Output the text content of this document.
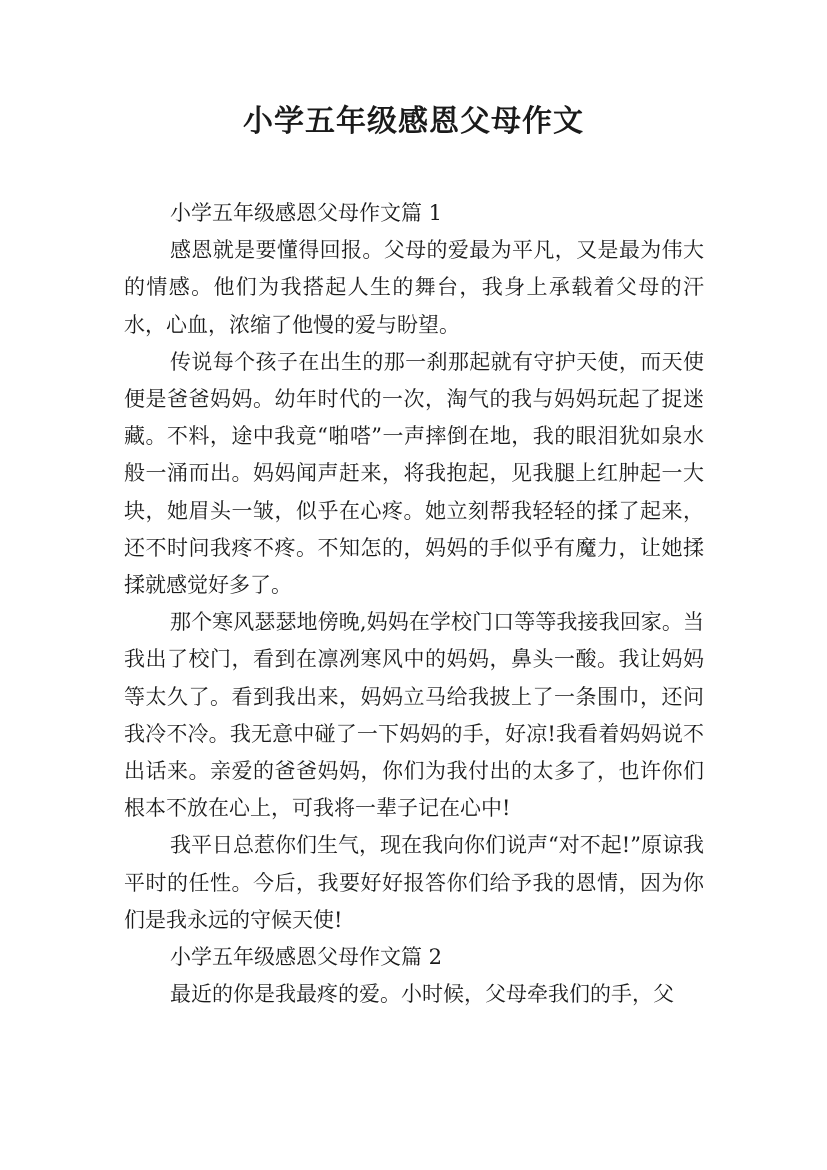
小学五年级感恩父母作文

小学五年级感恩父母作文篇 1

感恩就是要懂得回报。父母的爱最为平凡，又是最为伟大的情感。他们为我搭起人生的舞台，我身上承载着父母的汗水，心血，浓缩了他慢的爱与盼望。

传说每个孩子在出生的那一刹那起就有守护天使，而天使便是爸爸妈妈。幼年时代的一次，淘气的我与妈妈玩起了捉迷藏。不料，途中我竟“啪嗒”一声摔倒在地，我的眼泪犹如泉水般一涌而出。妈妈闻声赶来，将我抱起，见我腿上红肿起一大块，她眉头一皱，似乎在心疼。她立刻帮我轻轻的揉了起来，还不时问我疼不疼。不知怎的，妈妈的手似乎有魔力，让她揉揉就感觉好多了。

那个寒风瑟瑟地傍晚,妈妈在学校门口等等我接我回家。当我出了校门，看到在凛冽寒风中的妈妈，鼻头一酸。我让妈妈等太久了。看到我出来，妈妈立马给我披上了一条围巾，还问我冷不冷。我无意中碰了一下妈妈的手，好凉!我看着妈妈说不出话来。亲爱的爸爸妈妈，你们为我付出的太多了，也许你们根本不放在心上，可我将一辈子记在心中!

我平日总惹你们生气，现在我向你们说声“对不起!”原谅我平时的任性。今后，我要好好报答你们给予我的恩情，因为你们是我永远的守候天使!

小学五年级感恩父母作文篇 2

最近的你是我最疼的爱。小时候，父母牵我们的手，父
